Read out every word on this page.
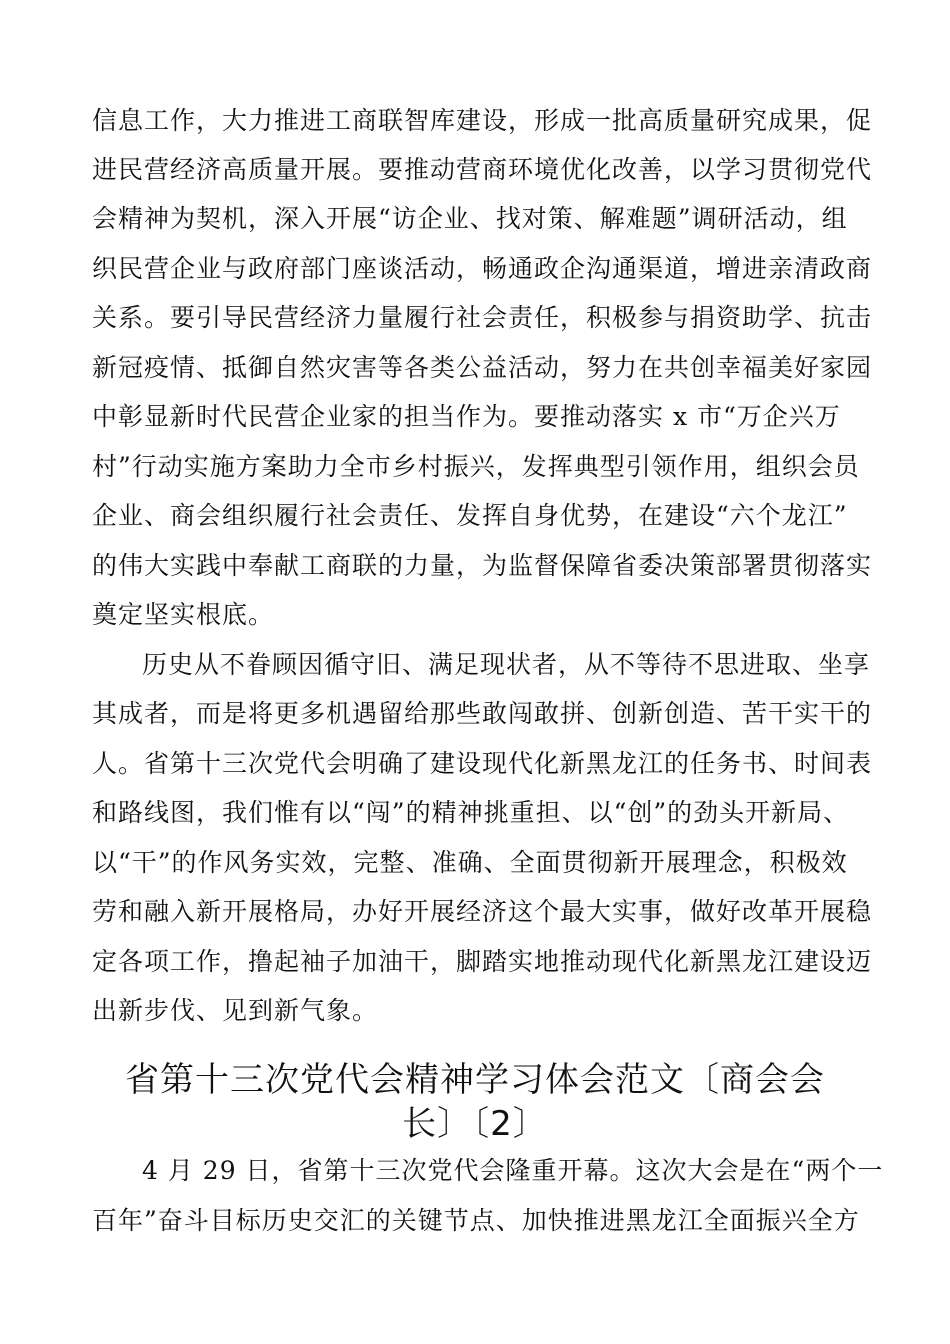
信息工作，大力推进工商联智库建设，形成一批高质量研究成果，促
进民营经济高质量开展。要推动营商环境优化改善，以学习贯彻党代
会精神为契机，深入开展“访企业、找对策、解难题”调研活动，组
织民营企业与政府部门座谈活动，畅通政企沟通渠道，增进亲清政商
关系。要引导民营经济力量履行社会责任，积极参与捐资助学、抗击
新冠疫情、抵御自然灾害等各类公益活动，努力在共创幸福美好家园
中彰显新时代民营企业家的担当作为。要推动落实 x 市“万企兴万
村”行动实施方案助力全市乡村振兴，发挥典型引领作用，组织会员
企业、商会组织履行社会责任、发挥自身优势，在建设“六个龙江”
的伟大实践中奉献工商联的力量，为监督保障省委决策部署贯彻落实
奠定坚实根底。
历史从不眷顾因循守旧、满足现状者，从不等待不思进取、坐享
其成者，而是将更多机遇留给那些敢闯敢拼、创新创造、苦干实干的
人。省第十三次党代会明确了建设现代化新黑龙江的任务书、时间表
和路线图，我们惟有以“闯”的精神挑重担、以“创”的劲头开新局、
以“干”的作风务实效，完整、准确、全面贯彻新开展理念，积极效
劳和融入新开展格局，办好开展经济这个最大实事，做好改革开展稳
定各项工作，撸起袖子加油干，脚踏实地推动现代化新黑龙江建设迈
出新步伐、见到新气象。
省第十三次党代会精神学习体会范文〔商会会
长〕〔2〕
4 月 29 日，省第十三次党代会隆重开幕。这次大会是在“两个一
百年”奋斗目标历史交汇的关键节点、加快推进黑龙江全面振兴全方
